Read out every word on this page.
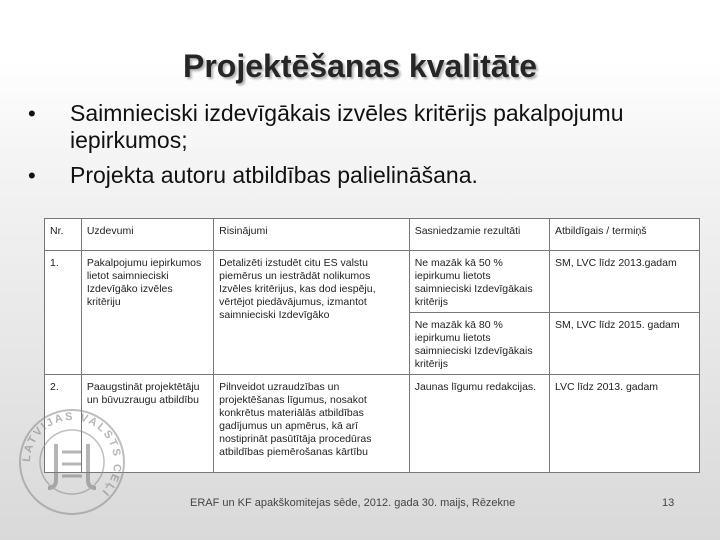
Projektēšanas kvalitāte
• Saimnieciski izdevīgākais izvēles kritērijs pakalpojumu iepirkumos;
• Projekta autoru atbildības palielināšana.
Nr.	Uzdevumi	Risinājumi	Sasniedzamie rezultāti	Atbildīgais / termiņš
1.	Pakalpojumu iepirkumos lietot saimnieciski Izdevīgāko izvēles kritēriju	Detalizēti izstudēt citu ES valstu piemērus un iestrādāt nolikumos Izvēles kritērijus, kas dod iespēju, vērtējot piedāvājumus, izmantot saimnieciski Izdevīgāko	Ne mazāk kā 50 % iepirkumu lietots saimnieciski Izdevīgākais kritērijs	SM, LVC līdz 2013.gadam
			Ne mazāk kā 80 % iepirkumu lietots saimnieciski Izdevīgākais kritērijs	SM, LVC līdz 2015. gadam
2.	Paaugstināt projektētāju un būvuzraugu atbildību	Pilnveidot uzraudzības un projektēšanas līgumus, nosakot konkrētus materiālās atbildības gadījumus un apmērus, kā arī nostiprināt pasūtītāja procedūras atbildības piemērošanas kārtību	Jaunas līgumu redakcijas.	LVC līdz 2013. gadam
LATVIJAS VALSTS CEĻI
ERAF un KF apakškomitejas sēde, 2012. gada 30. maijs, Rēzekne	13
